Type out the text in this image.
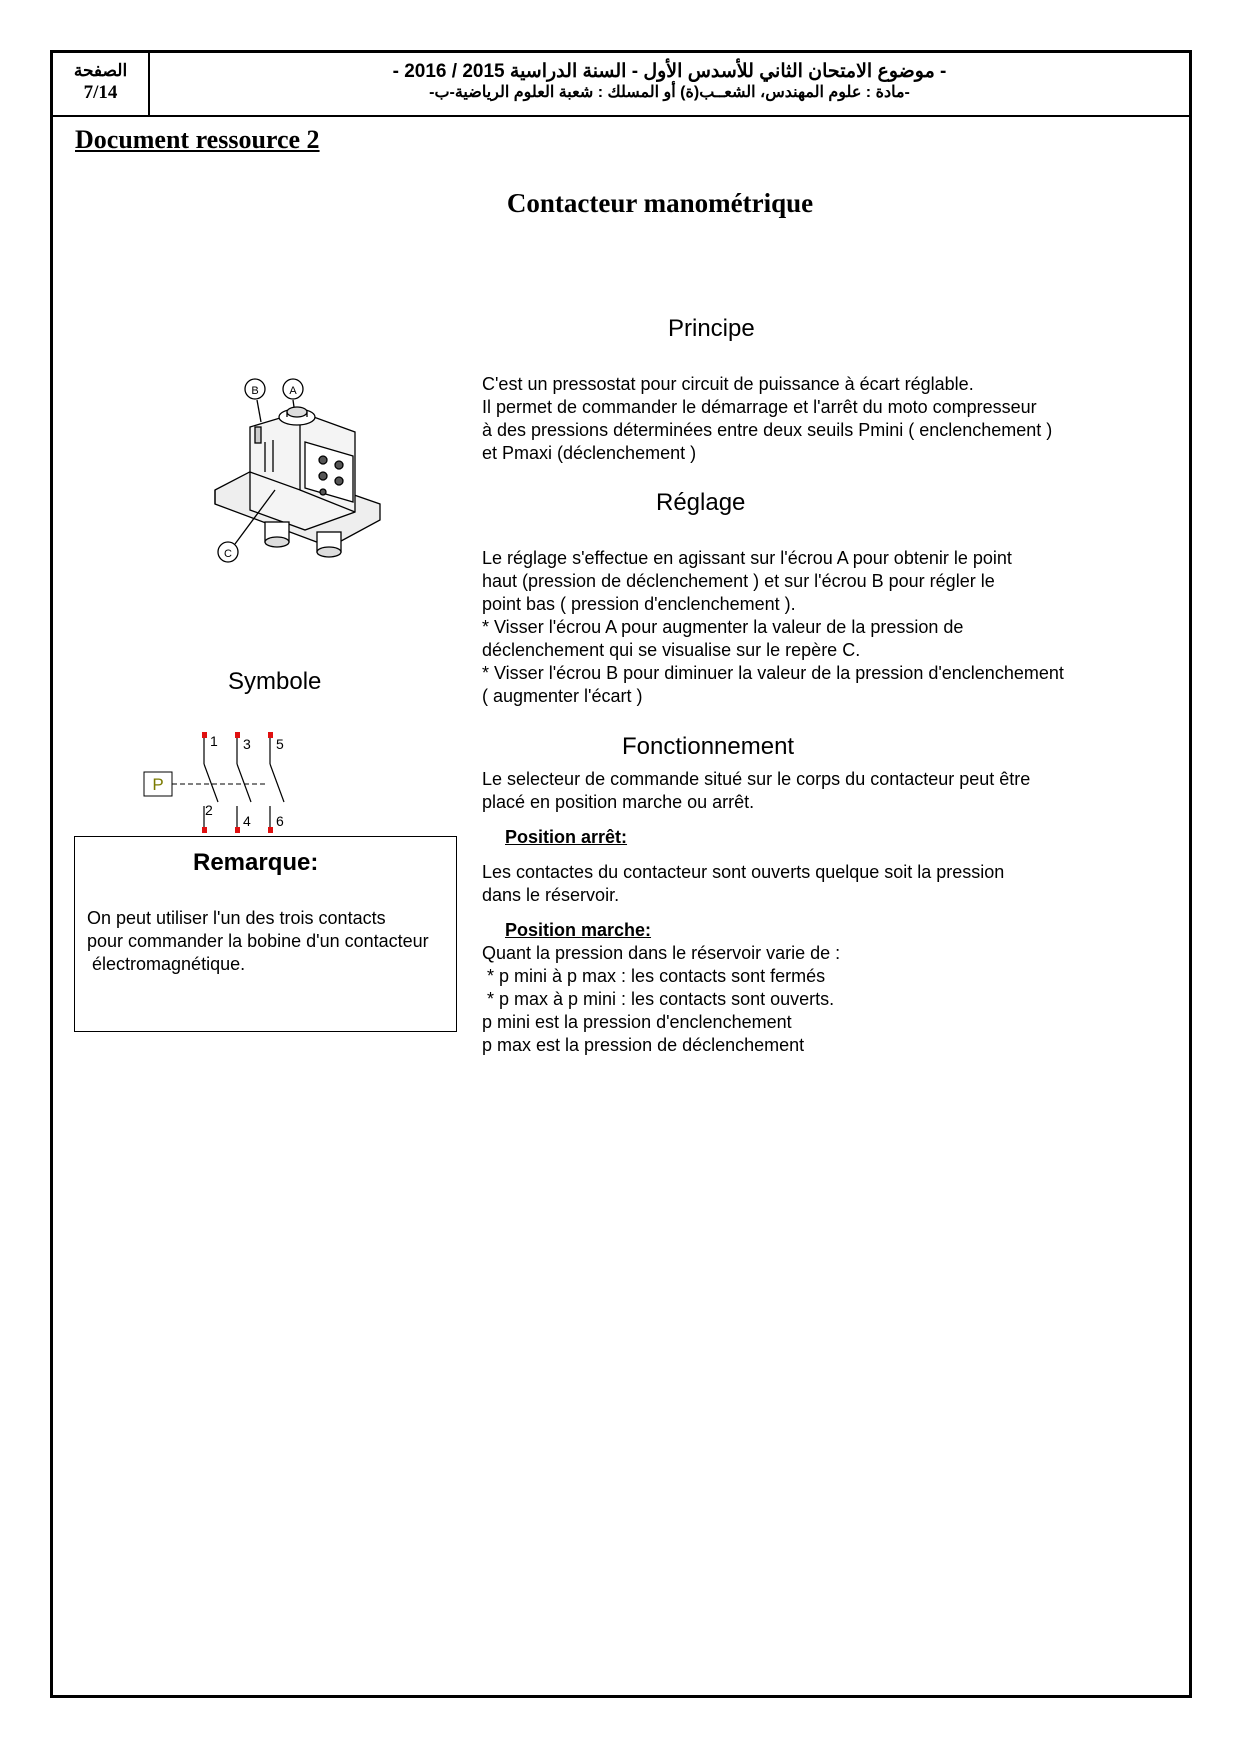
الصفحة
7/14
- موضوع الامتحان الثاني للأسدس الأول - السنة الدراسية 2015 / 2016 -
-مادة : علوم المهندس، الشعــب(ة) أو المسلك : شعبة العلوم الرياضية-ب-
Document ressource 2
Contacteur manométrique
Principe
C'est un pressostat pour circuit de puissance à écart réglable.
Il permet de commander le démarrage et l'arrêt du moto compresseur
à des pressions déterminées entre deux seuils Pmini ( enclenchement )
et Pmaxi (déclenchement )
Réglage
Le réglage s'effectue en agissant sur l'écrou A pour obtenir le point
haut (pression de déclenchement ) et sur l'écrou B pour régler le
point bas ( pression d'enclenchement ).
* Visser l'écrou A pour augmenter la valeur de la pression de
déclenchement qui se visualise sur le repère C.
* Visser l'écrou B pour diminuer la valeur de la pression d'enclenchement
( augmenter l'écart )
Fonctionnement
Le selecteur de commande situé sur le corps du contacteur peut être
placé en position marche ou arrêt.
Position arrêt:
Les contactes du contacteur sont ouverts quelque soit la pression
dans le réservoir.
Position marche:
Quant la pression dans le réservoir varie de :
* p mini à p max : les contacts sont fermés
* p max à p mini : les contacts sont ouverts.
p mini est la pression d'enclenchement
p max est la pression de déclenchement
B	A
C
Symbole
P
1 3 5
2
4 6
Remarque:
On peut utiliser l'un des trois contacts
pour commander la bobine d'un contacteur
électromagnétique.
